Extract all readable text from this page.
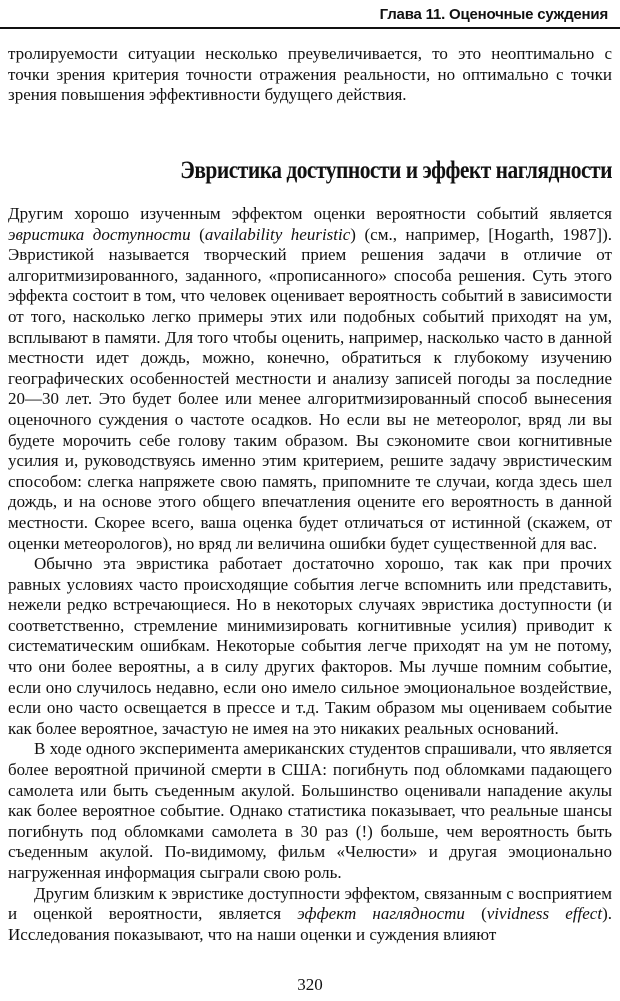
Глава 11. Оценочные суждения

тролируемости ситуации несколько преувеличивается, то это неоптимально с точки зрения критерия точности отражения реальности, но оптимально с точки зрения повышения эффективности будущего действия.

Эвристика доступности и эффект наглядности

Другим хорошо изученным эффектом оценки вероятности событий является эвристика доступности (availability heuristic) (см., например, [Hogarth, 1987]). Эвристикой называется творческий прием решения задачи в отличие от алгоритмизированного, заданного, «прописанного» способа решения. Суть этого эффекта состоит в том, что человек оценивает вероятность событий в зависимости от того, насколько легко примеры этих или подобных событий приходят на ум, всплывают в памяти. Для того чтобы оценить, например, насколько часто в данной местности идет дождь, можно, конечно, обратиться к глубокому изучению географических особенностей местности и анализу записей погоды за последние 20—30 лет. Это будет более или менее алгоритмизированный способ вынесения оценочного суждения о частоте осадков. Но если вы не метеоролог, вряд ли вы будете морочить себе голову таким образом. Вы сэкономите свои когнитивные усилия и, руководствуясь именно этим критерием, решите задачу эвристическим способом: слегка напряжете свою память, припомните те случаи, когда здесь шел дождь, и на основе этого общего впечатления оцените его вероятность в данной местности. Скорее всего, ваша оценка будет отличаться от истинной (скажем, от оценки метеорологов), но вряд ли величина ошибки будет существенной для вас.

Обычно эта эвристика работает достаточно хорошо, так как при прочих равных условиях часто происходящие события легче вспомнить или представить, нежели редко встречающиеся. Но в некоторых случаях эвристика доступности (и соответственно, стремление минимизировать когнитивные усилия) приводит к систематическим ошибкам. Некоторые события легче приходят на ум не потому, что они более вероятны, а в силу других факторов. Мы лучше помним событие, если оно случилось недавно, если оно имело сильное эмоциональное воздействие, если оно часто освещается в прессе и т.д. Таким образом мы оцениваем событие как более вероятное, зачастую не имея на это никаких реальных оснований.

В ходе одного эксперимента американских студентов спрашивали, что является более вероятной причиной смерти в США: погибнуть под обломками падающего самолета или быть съеденным акулой. Большинство оценивали нападение акулы как более вероятное событие. Однако статистика показывает, что реальные шансы погибнуть под обломками самолета в 30 раз (!) больше, чем вероятность быть съеденным акулой. По-видимому, фильм «Челюсти» и другая эмоционально нагруженная информация сыграли свою роль.

Другим близким к эвристике доступности эффектом, связанным с восприятием и оценкой вероятности, является эффект наглядности (vividness effect). Исследования показывают, что на наши оценки и суждения влияют

320
